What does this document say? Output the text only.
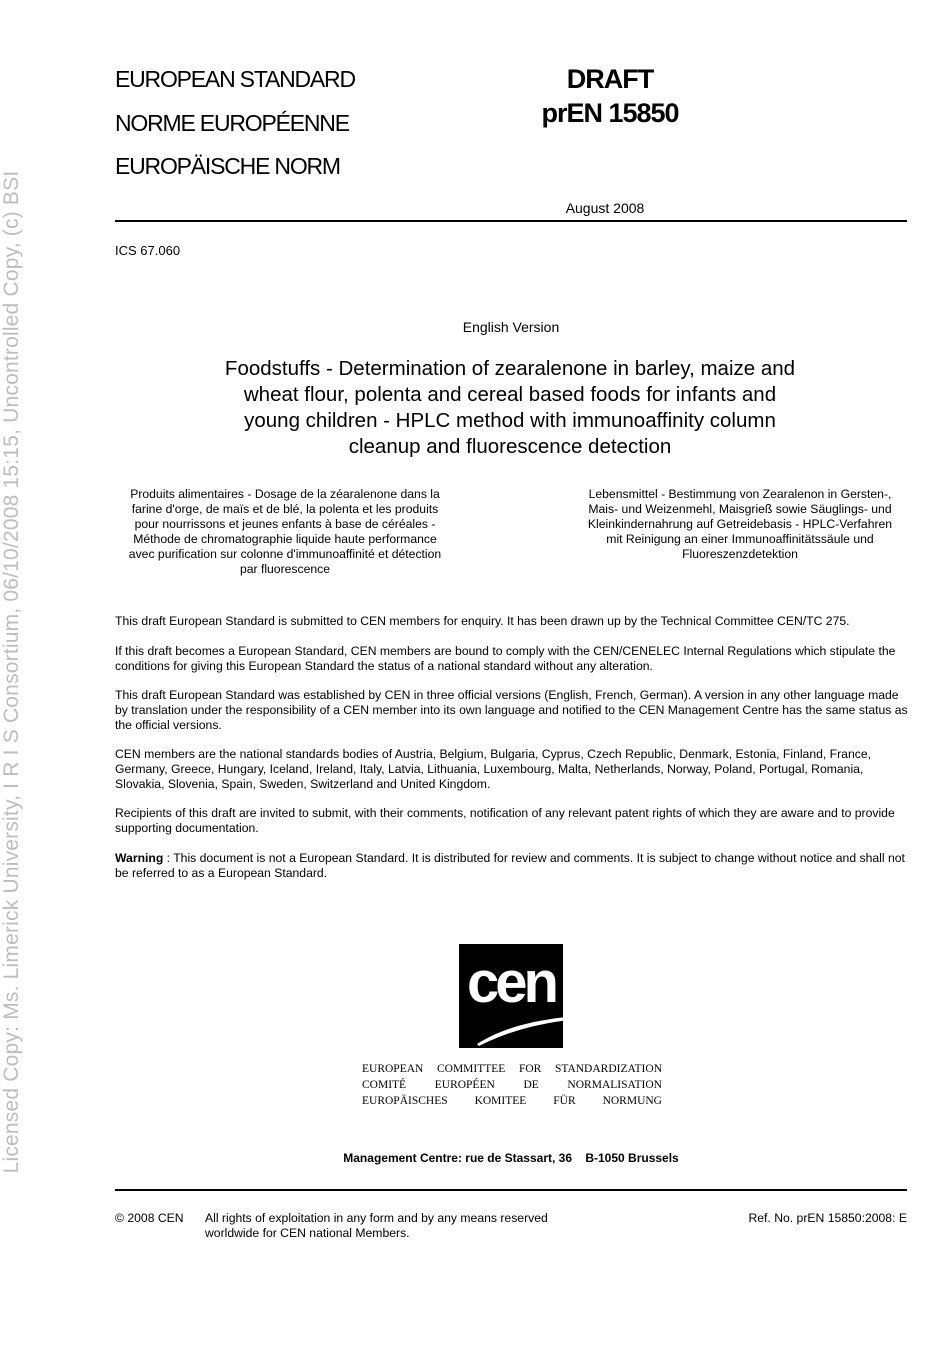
Licensed Copy: Ms. Limerick University, I R I S Consortium, 06/10/2008 15:15, Uncontrolled Copy, (c) BSI
EUROPEAN STANDARD
NORME EUROPÉENNE
EUROPÄISCHE NORM
DRAFT
prEN 15850
August 2008
ICS 67.060
English Version
Foodstuffs - Determination of zearalenone in barley, maize and
wheat flour, polenta and cereal based foods for infants and
young children - HPLC method with immunoaffinity column
cleanup and fluorescence detection
Produits alimentaires - Dosage de la zéaralenone dans la
farine d'orge, de maïs et de blé, la polenta et les produits
pour nourrissons et jeunes enfants à base de céréales -
Méthode de chromatographie liquide haute performance
avec purification sur colonne d'immunoaffinité et détection
par fluorescence
Lebensmittel - Bestimmung von Zearalenon in Gersten-,
Mais- und Weizenmehl, Maisgrieß sowie Säuglings- und
Kleinkindernahrung auf Getreidebasis - HPLC-Verfahren
mit Reinigung an einer Immunoaffinitätssäule und
Fluoreszenzdetektion
This draft European Standard is submitted to CEN members for enquiry. It has been drawn up by the Technical Committee CEN/TC 275.
If this draft becomes a European Standard, CEN members are bound to comply with the CEN/CENELEC Internal Regulations which stipulate the conditions for giving this European Standard the status of a national standard without any alteration.
This draft European Standard was established by CEN in three official versions (English, French, German). A version in any other language made by translation under the responsibility of a CEN member into its own language and notified to the CEN Management Centre has the same status as the official versions.
CEN members are the national standards bodies of Austria, Belgium, Bulgaria, Cyprus, Czech Republic, Denmark, Estonia, Finland, France, Germany, Greece, Hungary, Iceland, Ireland, Italy, Latvia, Lithuania, Luxembourg, Malta, Netherlands, Norway, Poland, Portugal, Romania, Slovakia, Slovenia, Spain, Sweden, Switzerland and United Kingdom.
Recipients of this draft are invited to submit, with their comments, notification of any relevant patent rights of which they are aware and to provide supporting documentation.
Warning : This document is not a European Standard. It is distributed for review and comments. It is subject to change without notice and shall not be referred to as a European Standard.
cen
EUROPEAN COMMITTEE FOR STANDARDIZATION
COMITÉ EUROPÉEN DE NORMALISATION
EUROPÄISCHES KOMITEE FÜR NORMUNG
Management Centre: rue de Stassart, 36    B-1050 Brussels
© 2008 CEN	All rights of exploitation in any form and by any means reserved
worldwide for CEN national Members.
Ref. No. prEN 15850:2008: E
